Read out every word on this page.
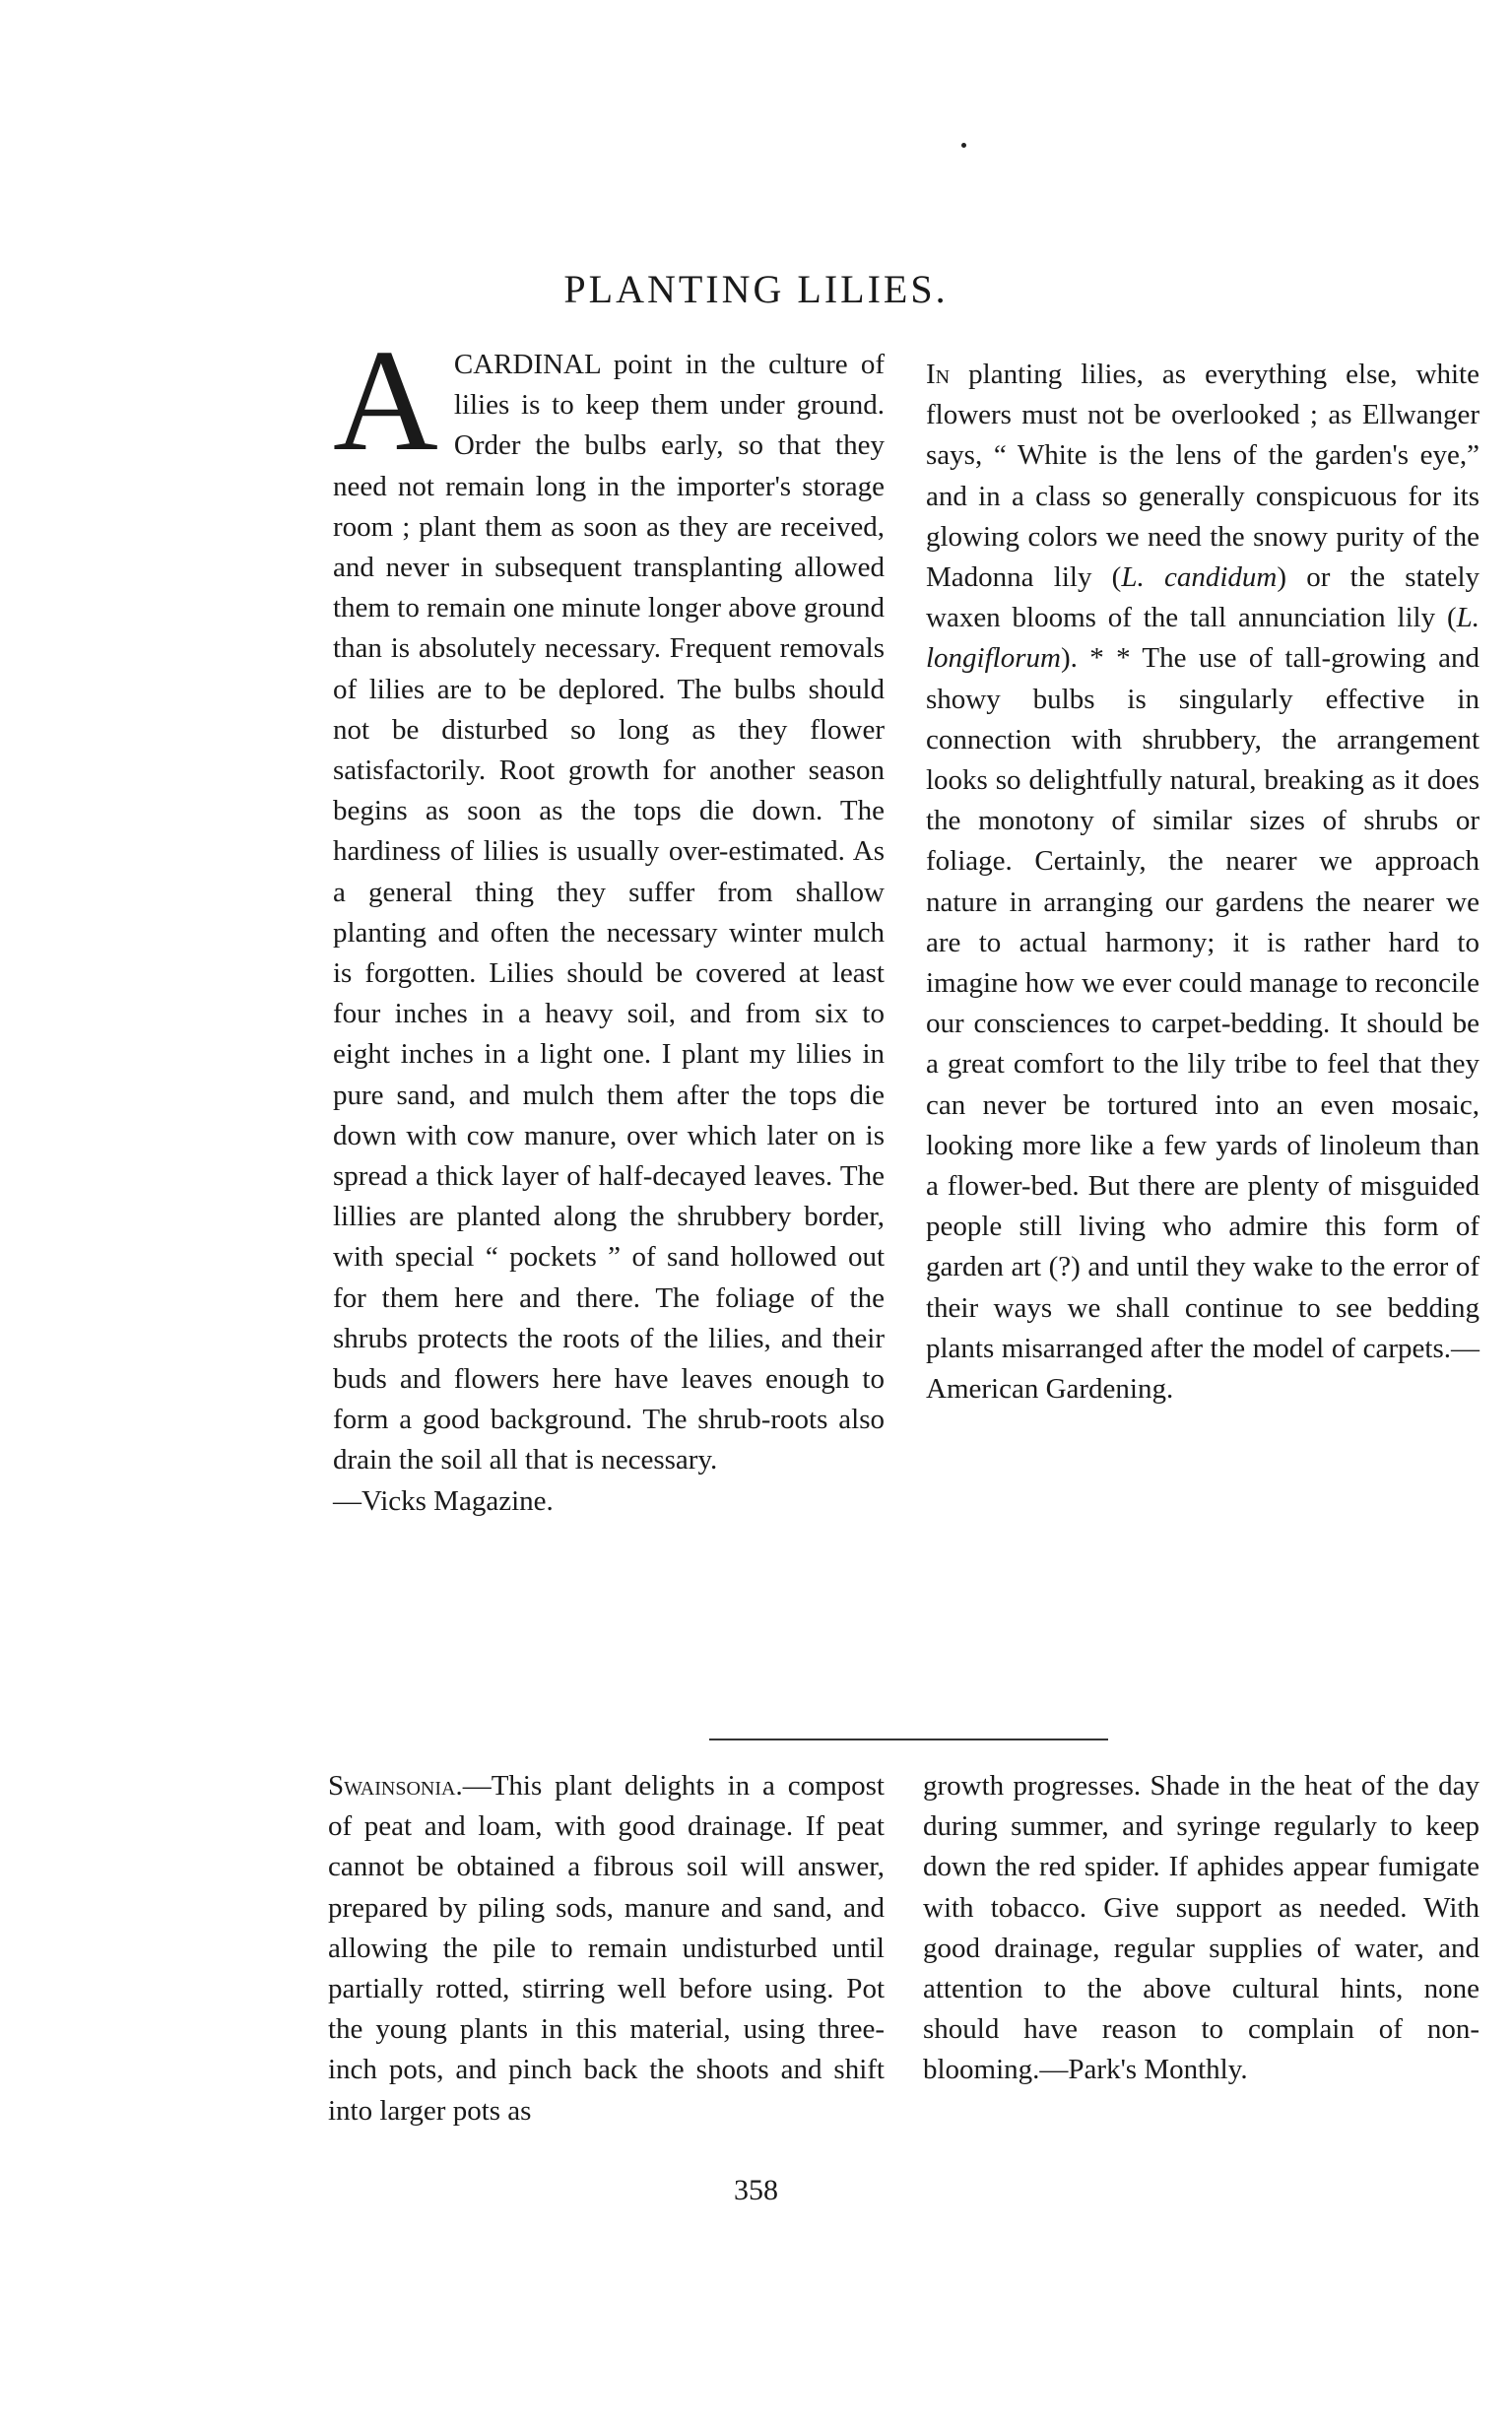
PLANTING LILIES.

ACARDINAL point in the culture of lilies is to keep them under ground. Order the bulbs early, so that they need not remain long in the importer's storage room ; plant them as soon as they are received, and never in subsequent transplanting allowed them to remain one minute longer above ground than is absolutely necessary. Frequent removals of lilies are to be deplored. The bulbs should not be disturbed so long as they flower satisfactorily. Root growth for another season begins as soon as the tops die down. The hardiness of lilies is usually over-estimated. As a general thing they suffer from shallow planting and often the necessary winter mulch is forgotten. Lilies should be covered at least four inches in a heavy soil, and from six to eight inches in a light one. I plant my lilies in pure sand, and mulch them after the tops die down with cow manure, over which later on is spread a thick layer of half-decayed leaves. The lillies are planted along the shrubbery border, with special “ pockets ” of sand hollowed out for them here and there. The foliage of the shrubs protects the roots of the lilies, and their buds and flowers here have leaves enough to form a good background. The shrub-roots also drain the soil all that is necessary.
—Vicks Magazine.

In planting lilies, as everything else, white flowers must not be overlooked ; as Ellwanger says, “ White is the lens of the garden's eye,” and in a class so generally conspicuous for its glowing colors we need the snowy purity of the Madonna lily (L. candidum) or the stately waxen blooms of the tall annunciation lily (L. longiflorum). * * The use of tall-growing and showy bulbs is singularly effective in connection with shrubbery, the arrangement looks so delightfully natural, breaking as it does the monotony of similar sizes of shrubs or foliage. Certainly, the nearer we approach nature in arranging our gardens the nearer we are to actual harmony; it is rather hard to imagine how we ever could manage to reconcile our consciences to carpet-bedding. It should be a great comfort to the lily tribe to feel that they can never be tortured into an even mosaic, looking more like a few yards of linoleum than a flower-bed. But there are plenty of misguided people still living who admire this form of garden art (?) and until they wake to the error of their ways we shall continue to see bedding plants misarranged after the model of carpets.—American Gardening.

Swainsonia.—This plant delights in a compost of peat and loam, with good drainage. If peat cannot be obtained a fibrous soil will answer, prepared by piling sods, manure and sand, and allowing the pile to remain undisturbed until partially rotted, stirring well before using. Pot the young plants in this material, using three-inch pots, and pinch back the shoots and shift into larger pots as

growth progresses. Shade in the heat of the day during summer, and syringe regularly to keep down the red spider. If aphides appear fumigate with tobacco. Give support as needed. With good drainage, regular supplies of water, and attention to the above cultural hints, none should have reason to complain of non-blooming.—Park's Monthly.

358
